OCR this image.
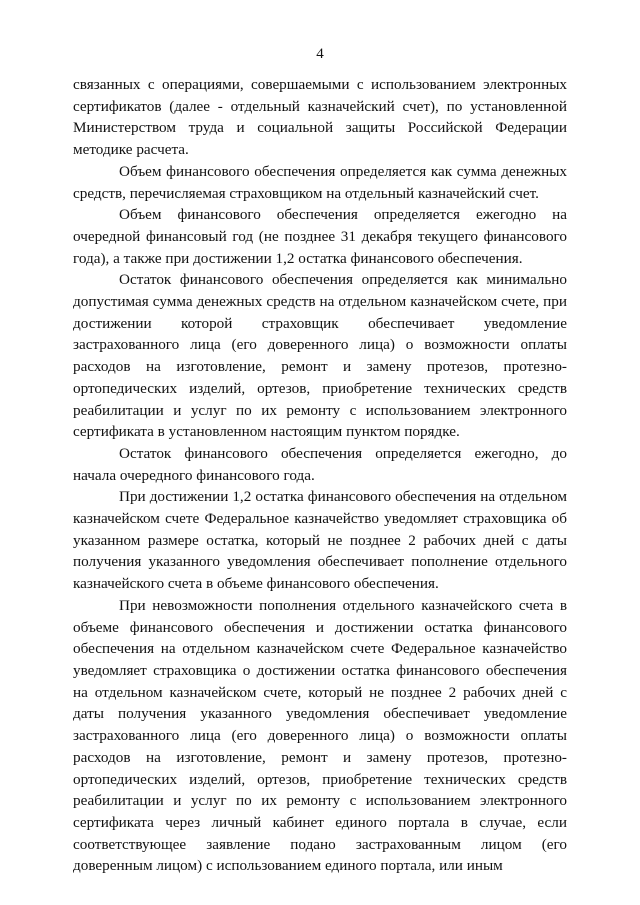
4

связанных с операциями, совершаемыми с использованием электронных сертификатов (далее - отдельный казначейский счет), по установленной Министерством труда и социальной защиты Российской Федерации методике расчета.

Объем финансового обеспечения определяется как сумма денежных средств, перечисляемая страховщиком на отдельный казначейский счет.

Объем финансового обеспечения определяется ежегодно на очередной финансовый год (не позднее 31 декабря текущего финансового года), а также при достижении 1,2 остатка финансового обеспечения.

Остаток финансового обеспечения определяется как минимально допустимая сумма денежных средств на отдельном казначейском счете, при достижении которой страховщик обеспечивает уведомление застрахованного лица (его доверенного лица) о возможности оплаты расходов на изготовление, ремонт и замену протезов, протезно-ортопедических изделий, ортезов, приобретение технических средств реабилитации и услуг по их ремонту с использованием электронного сертификата в установленном настоящим пунктом порядке.

Остаток финансового обеспечения определяется ежегодно, до начала очередного финансового года.

При достижении 1,2 остатка финансового обеспечения на отдельном казначейском счете Федеральное казначейство уведомляет страховщика об указанном размере остатка, который не позднее 2 рабочих дней с даты получения указанного уведомления обеспечивает пополнение отдельного казначейского счета в объеме финансового обеспечения.

При невозможности пополнения отдельного казначейского счета в объеме финансового обеспечения и достижении остатка финансового обеспечения на отдельном казначейском счете Федеральное казначейство уведомляет страховщика о достижении остатка финансового обеспечения на отдельном казначейском счете, который не позднее 2 рабочих дней с даты получения указанного уведомления обеспечивает уведомление застрахованного лица (его доверенного лица) о возможности оплаты расходов на изготовление, ремонт и замену протезов, протезно-ортопедических изделий, ортезов, приобретение технических средств реабилитации и услуг по их ремонту с использованием электронного сертификата через личный кабинет единого портала в случае, если соответствующее заявление подано застрахованным лицом (его доверенным лицом) с использованием единого портала, или иным
